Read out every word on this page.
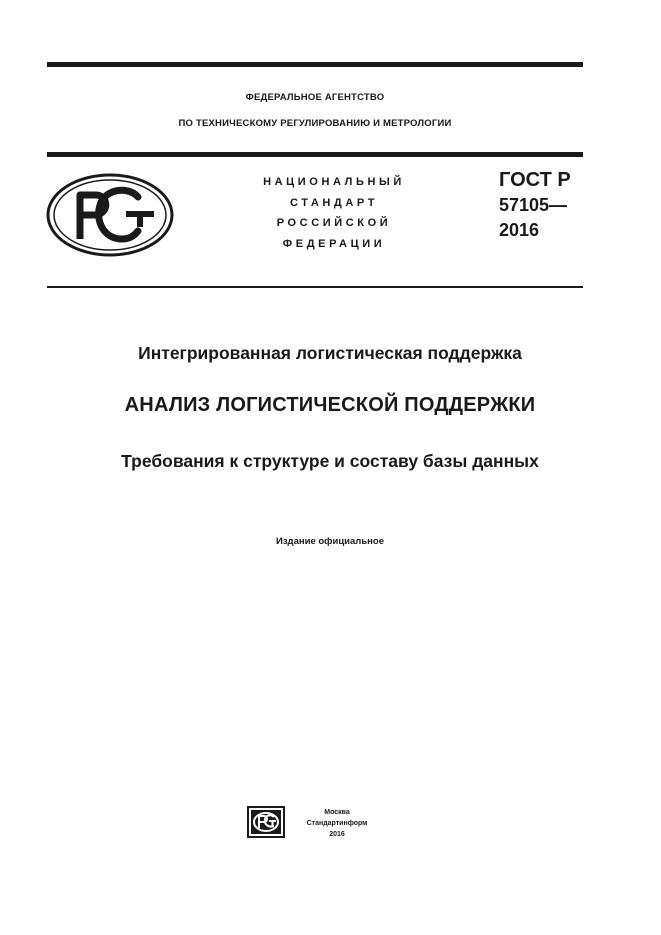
ФЕДЕРАЛЬНОЕ АГЕНТСТВО
ПО ТЕХНИЧЕСКОМУ РЕГУЛИРОВАНИЮ И МЕТРОЛОГИИ
НАЦИОНАЛЬНЫЙ
СТАНДАРТ
РОССИЙСКОЙ
ФЕДЕРАЦИИ
ГОСТ Р
57105—
2016
Интегрированная логистическая поддержка
АНАЛИЗ ЛОГИСТИЧЕСКОЙ ПОДДЕРЖКИ
Требования к структуре и составу базы данных
Издание официальное
Москва
Стандартинформ
2016
